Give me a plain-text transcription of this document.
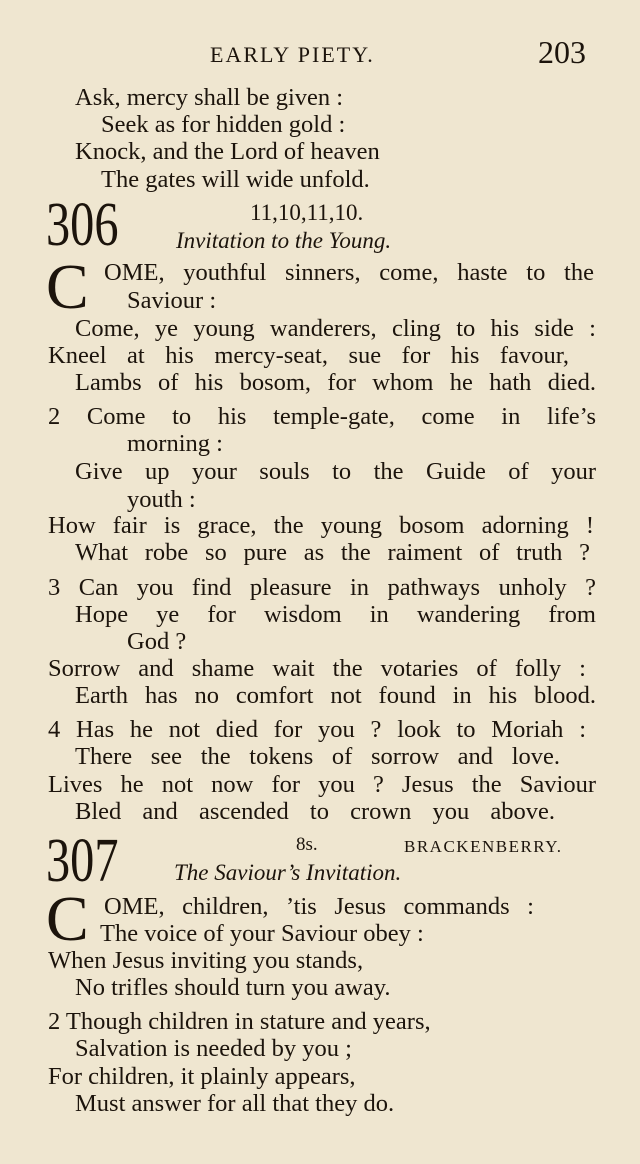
EARLY PIETY.	203
Ask, mercy shall be given :
Seek as for hidden gold :
Knock, and the Lord of heaven
The gates will wide unfold.
306	11,10,11,10.
Invitation to the Young.
C OME, youthful sinners, come, haste to the
Saviour :
Come, ye young wanderers, cling to his side :
Kneel at his mercy-seat, sue for his favour,
Lambs of his bosom, for whom he hath died.
2 Come to his temple-gate, come in life’s
morning :
Give up your souls to the Guide of your
youth :
How fair is grace, the young bosom adorning !
What robe so pure as the raiment of truth ?
3 Can you find pleasure in pathways unholy ?
Hope ye for wisdom in wandering from
God ?
Sorrow and shame wait the votaries of folly :
Earth has no comfort not found in his blood.
4 Has he not died for you ? look to Moriah :
There see the tokens of sorrow and love.
Lives he not now for you ? Jesus the Saviour
Bled and ascended to crown you above.
307	8s.	BRACKENBERRY.
The Saviour’s Invitation.
C OME, children, ’tis Jesus commands :
The voice of your Saviour obey :
When Jesus inviting you stands,
No trifles should turn you away.
2 Though children in stature and years,
Salvation is needed by you ;
For children, it plainly appears,
Must answer for all that they do.
